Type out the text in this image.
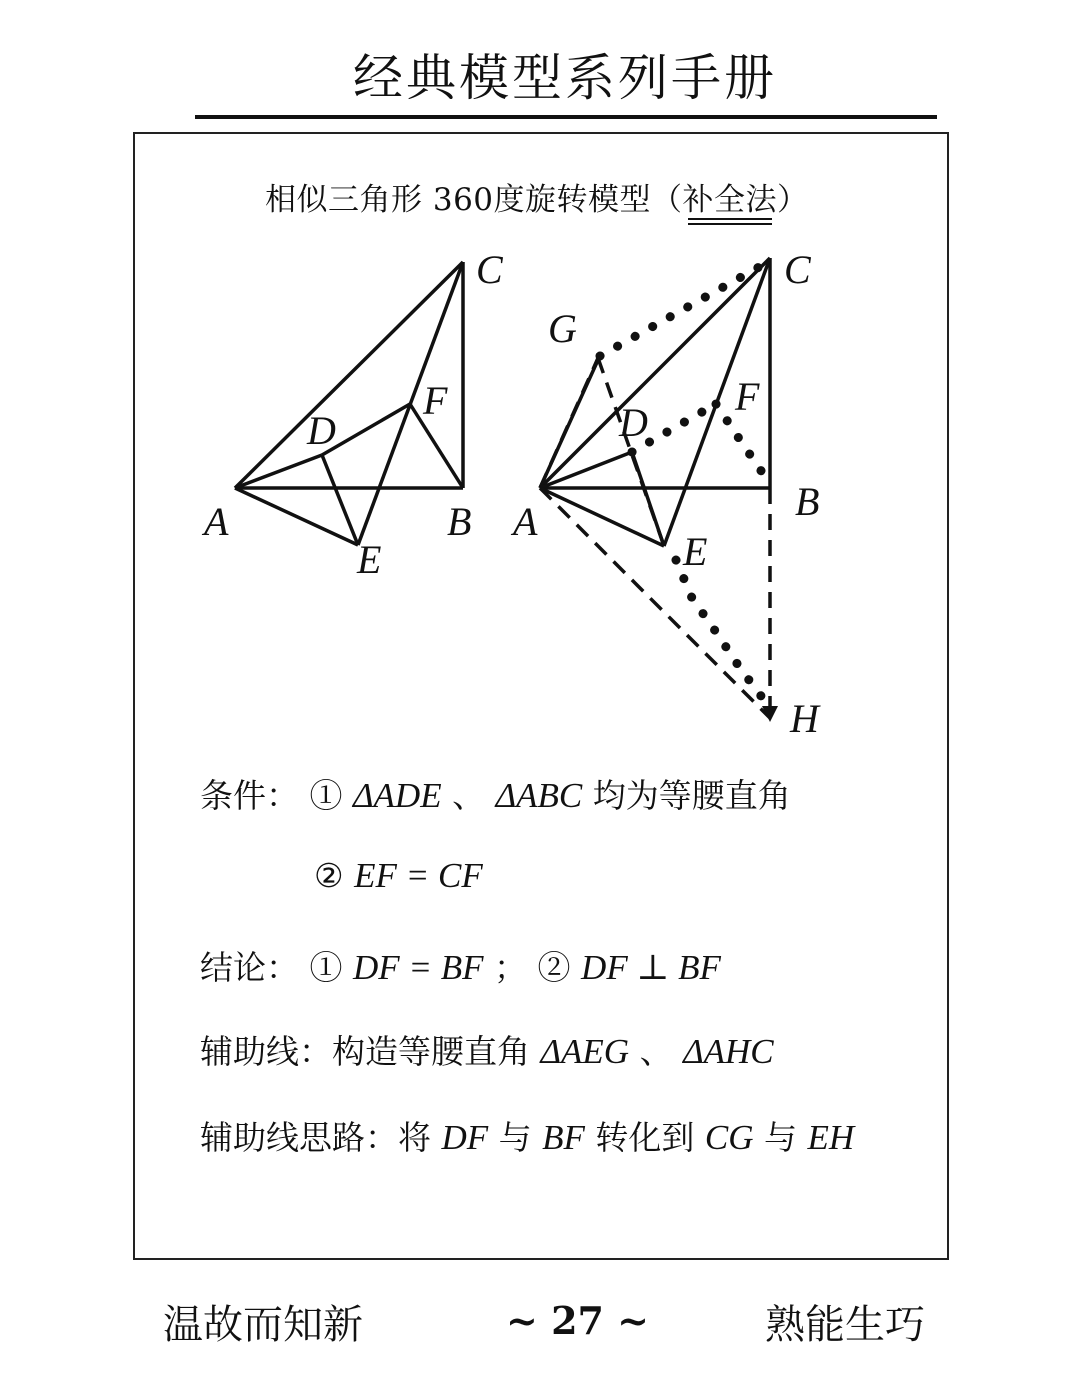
经典模型系列手册
相似三角形 360度旋转模型（补全法）
C
F
D
A	B
E
C
G
F
D
B
A
E
H
条件： ① ΔADE 、 ΔABC 均为等腰直角
② EF = CF
结论： ① DF = BF ； ② DF ⊥ BF
辅助线：构造等腰直角 ΔAEG 、 ΔAHC
辅助线思路：将 DF 与 BF 转化到 CG 与 EH
温故而知新	~ 27 ~	熟能生巧
